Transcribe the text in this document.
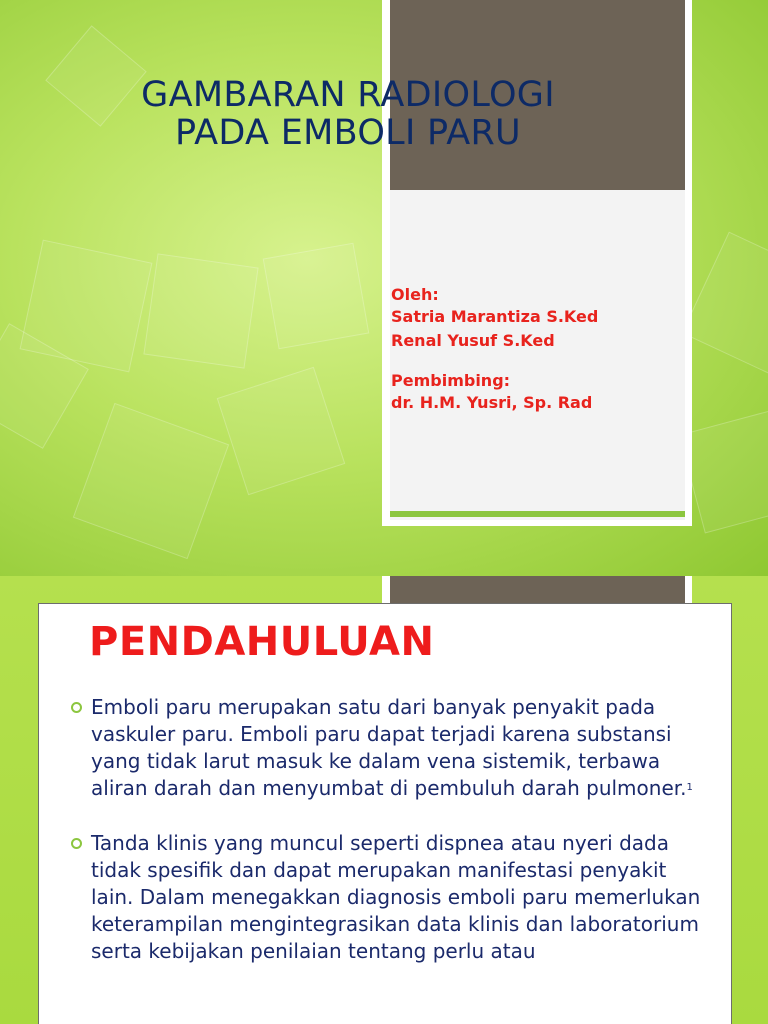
GAMBARAN RADIOLOGI
PADA EMBOLI PARU
Oleh:
Satria Marantiza S.Ked
Renal Yusuf S.Ked
Pembimbing:
dr. H.M. Yusri, Sp. Rad
PENDAHULUAN
Emboli paru merupakan satu dari banyak penyakit pada vaskuler paru. Emboli paru dapat terjadi karena substansi yang tidak larut masuk ke dalam vena sistemik, terbawa aliran darah dan menyumbat di pembuluh darah pulmoner.$^1$
Tanda klinis yang muncul seperti dispnea atau nyeri dada tidak spesifik dan dapat merupakan manifestasi penyakit lain. Dalam menegakkan diagnosis emboli paru memerlukan keterampilan mengintegrasikan data klinis dan laboratorium serta kebijakan penilaian tentang perlu atau
